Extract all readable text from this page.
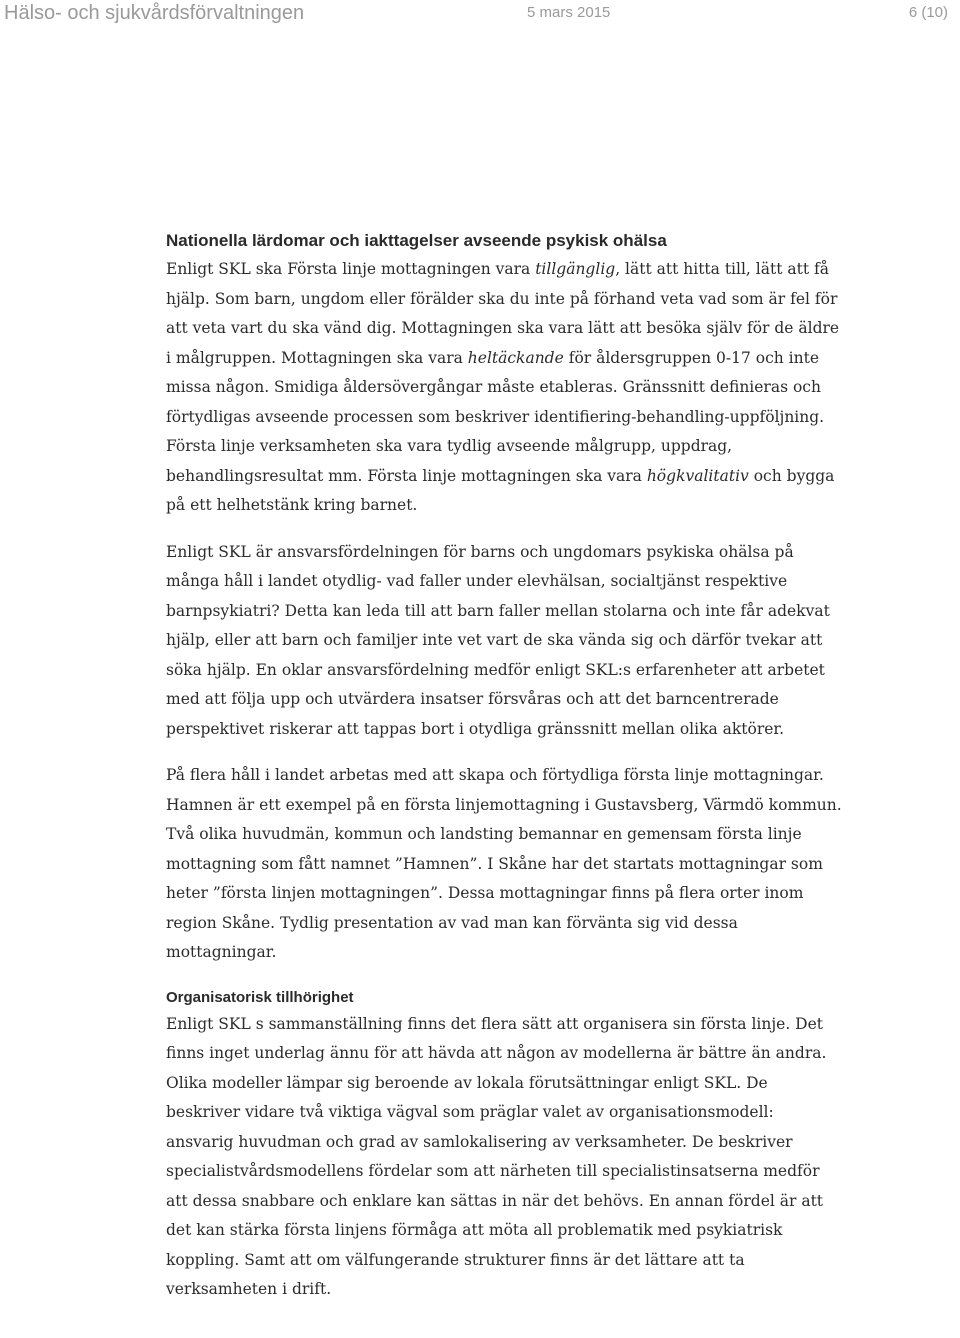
Hälso- och sjukvårdsförvaltningen	5 mars 2015	6 (10)
Nationella lärdomar och iakttagelser avseende psykisk ohälsa

Enligt SKL ska Första linje mottagningen vara tillgänglig, lätt att hitta till, lätt att få hjälp. Som barn, ungdom eller förälder ska du inte på förhand veta vad som är fel för att veta vart du ska vänd dig. Mottagningen ska vara lätt att besöka själv för de äldre i målgruppen. Mottagningen ska vara heltäckande för åldersgruppen 0-17 och inte missa någon. Smidiga åldersövergångar måste etableras. Gränssnitt definieras och förtydligas avseende processen som beskriver identifiering-behandling-uppföljning. Första linje verksamheten ska vara tydlig avseende målgrupp, uppdrag, behandlingsresultat mm. Första linje mottagningen ska vara högkvalitativ och bygga på ett helhetstänk kring barnet.

Enligt SKL är ansvarsfördelningen för barns och ungdomars psykiska ohälsa på många håll i landet otydlig- vad faller under elevhälsan, socialtjänst respektive barnpsykiatri? Detta kan leda till att barn faller mellan stolarna och inte får adekvat hjälp, eller att barn och familjer inte vet vart de ska vända sig och därför tvekar att söka hjälp. En oklar ansvarsfördelning medför enligt SKL:s erfarenheter att arbetet med att följa upp och utvärdera insatser försvåras och att det barncentrerade perspektivet riskerar att tappas bort i otydliga gränssnitt mellan olika aktörer.

På flera håll i landet arbetas med att skapa och förtydliga första linje mottagningar. Hamnen är ett exempel på en första linjemottagning i Gustavsberg, Värmdö kommun. Två olika huvudmän, kommun och landsting bemannar en gemensam första linje mottagning som fått namnet ”Hamnen”. I Skåne har det startats mottagningar som heter ”första linjen mottagningen”. Dessa mottagningar finns på flera orter inom region Skåne. Tydlig presentation av vad man kan förvänta sig vid dessa mottagningar.

Organisatorisk tillhörighet

Enligt SKL s sammanställning finns det flera sätt att organisera sin första linje. Det finns inget underlag ännu för att hävda att någon av modellerna är bättre än andra. Olika modeller lämpar sig beroende av lokala förutsättningar enligt SKL. De beskriver vidare två viktiga vägval som präglar valet av organisationsmodell: ansvarig huvudman och grad av samlokalisering av verksamheter. De beskriver specialistvårdsmodellens fördelar som att närheten till specialistinsatserna medför att dessa snabbare och enklare kan sättas in när det behövs. En annan fördel är att det kan stärka första linjens förmåga att möta all problematik med psykiatrisk koppling. Samt att om välfungerande strukturer finns är det lättare att ta verksamheten i drift.
